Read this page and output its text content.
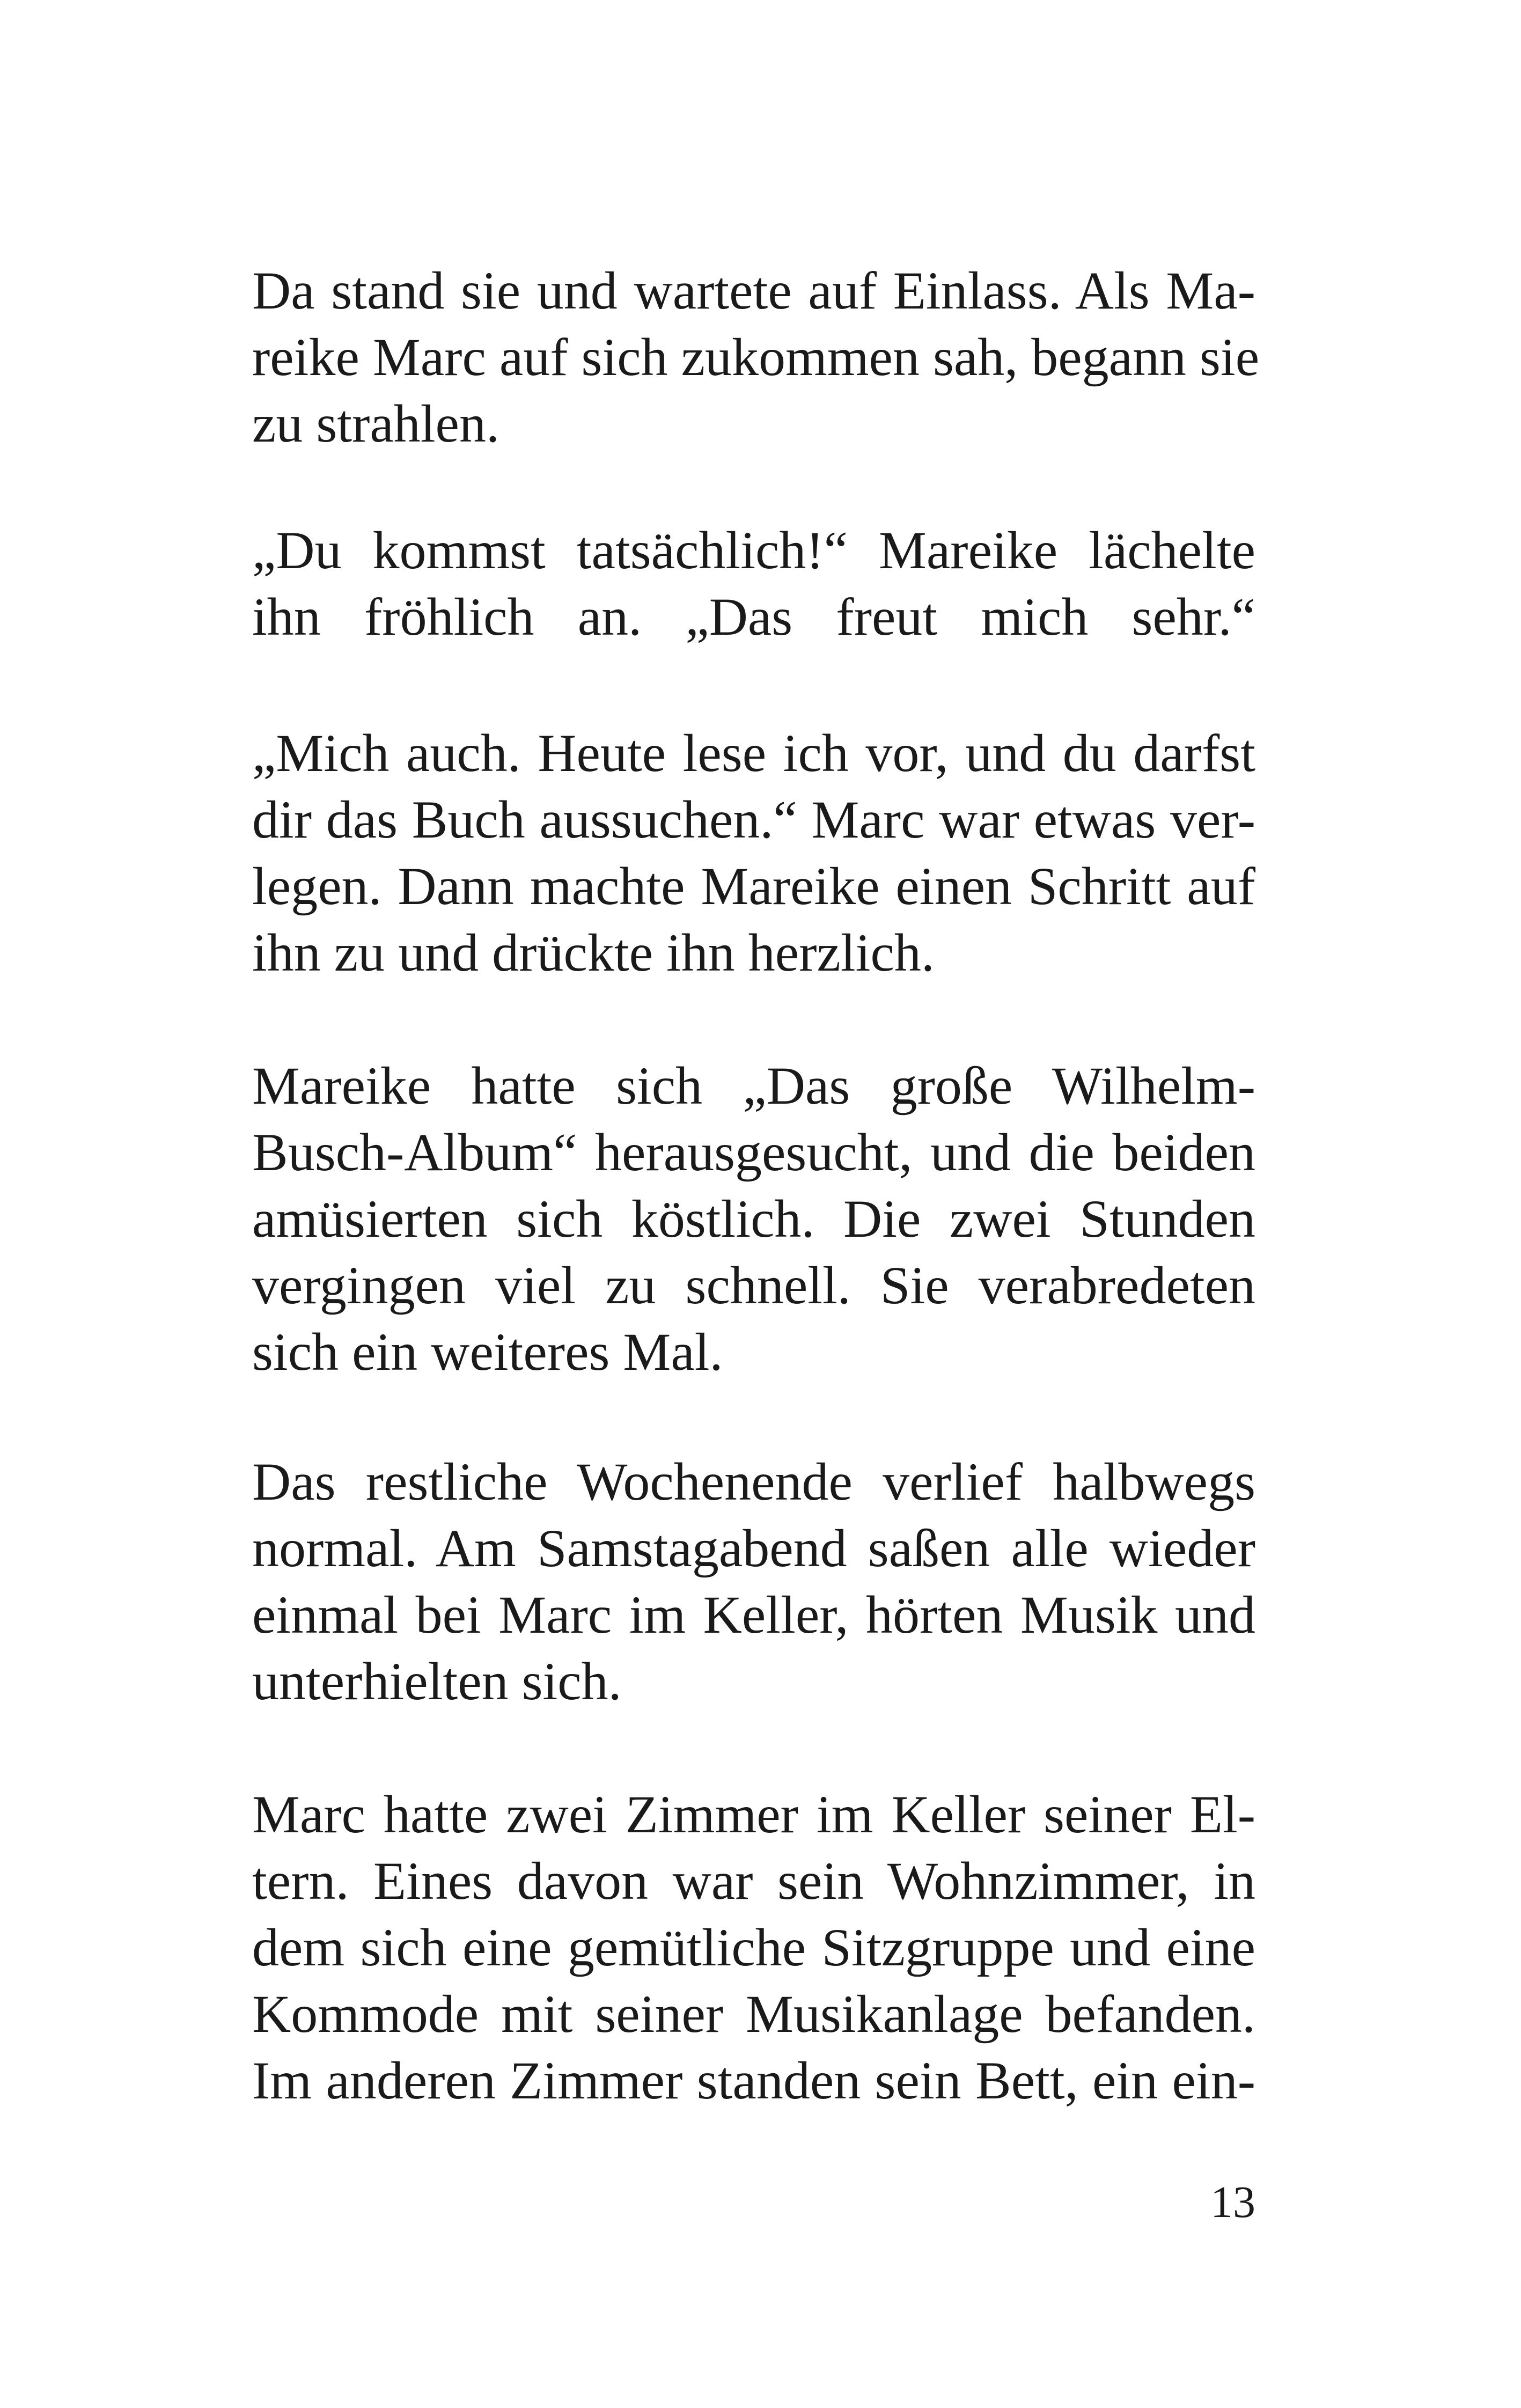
Da stand sie und wartete auf Einlass. Als Ma-
reike Marc auf sich zukommen sah, begann sie
zu strahlen.
„Du kommst tatsächlich!“ Mareike lächelte
ihn fröhlich an. „Das freut mich sehr.“
„Mich auch. Heute lese ich vor, und du darfst
dir das Buch aussuchen.“ Marc war etwas ver-
legen. Dann machte Mareike einen Schritt auf
ihn zu und drückte ihn herzlich.
Mareike hatte sich „Das große Wilhelm-
Busch-Album“ herausgesucht, und die beiden
amüsierten sich köstlich. Die zwei Stunden
vergingen viel zu schnell. Sie verabredeten
sich ein weiteres Mal.
Das restliche Wochenende verlief halbwegs
normal. Am Samstagabend saßen alle wieder
einmal bei Marc im Keller, hörten Musik und
unterhielten sich.
Marc hatte zwei Zimmer im Keller seiner El-
tern. Eines davon war sein Wohnzimmer, in
dem sich eine gemütliche Sitzgruppe und eine
Kommode mit seiner Musikanlage befanden.
Im anderen Zimmer standen sein Bett, ein ein-
13
